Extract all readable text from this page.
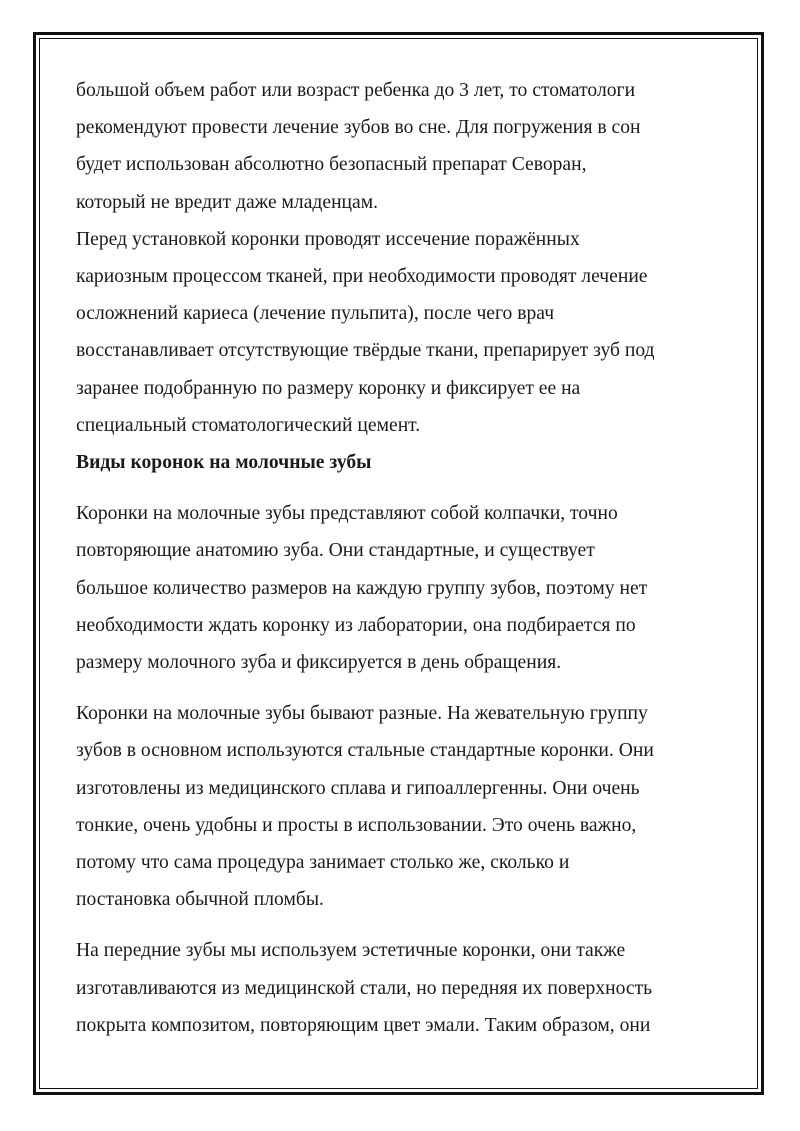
большой объем работ или возраст ребенка до 3 лет, то стоматологи
рекомендуют провести лечение зубов во сне. Для погружения в сон
будет использован абсолютно безопасный препарат Севоран,
который не вредит даже младенцам.
Перед установкой коронки проводят иссечение поражённых
кариозным процессом тканей, при необходимости проводят лечение
осложнений кариеса (лечение пульпита), после чего врач
восстанавливает отсутствующие твёрдые ткани, препарирует зуб под
заранее подобранную по размеру коронку и фиксирует ее на
специальный стоматологический цемент.
Виды коронок на молочные зубы
Коронки на молочные зубы представляют собой колпачки, точно
повторяющие анатомию зуба. Они стандартные, и существует
большое количество размеров на каждую группу зубов, поэтому нет
необходимости ждать коронку из лаборатории, она подбирается по
размеру молочного зуба и фиксируется в день обращения.
Коронки на молочные зубы бывают разные. На жевательную группу
зубов в основном используются стальные стандартные коронки. Они
изготовлены из медицинского сплава и гипоаллергенны. Они очень
тонкие, очень удобны и просты в использовании. Это очень важно,
потому что сама процедура занимает столько же, сколько и
постановка обычной пломбы.
На передние зубы мы используем эстетичные коронки, они также
изготавливаются из медицинской стали, но передняя их поверхность
покрыта композитом, повторяющим цвет эмали. Таким образом, они
